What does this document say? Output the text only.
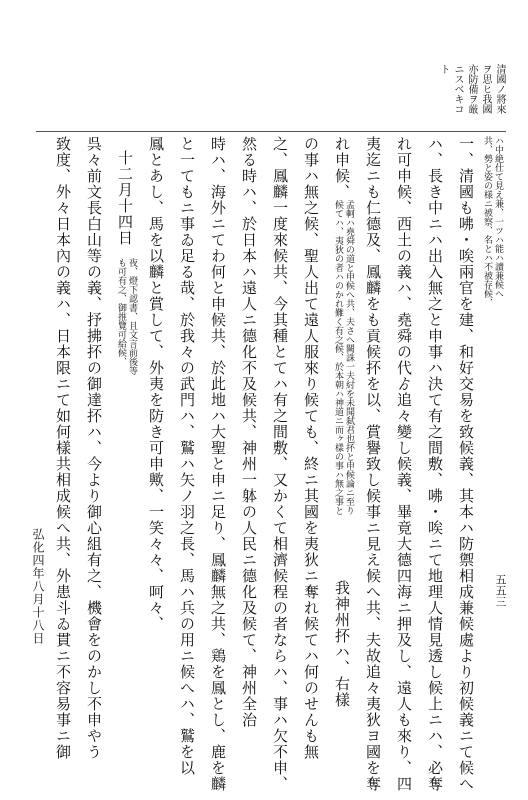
清國ノ將來
ヲ思ヒ我國
亦防備ヲ厳
ニスベキコ
ト
ハ中絶仕て見え兼、一ツハ能ハ讀兼候ヘ
共、勢と姿の様ニ被察、名とハ不被存候、
一、清國も咈・唉兩官を建、和好交易を致候義、其本ハ防禦相成兼候處より初候義ニて候へ
ハ、長き中ニハ出入無之と申事ハ決て有之間敷、咈・唉ニて地理人情見透し候上ニハ、必奪
れ可申候、西土の義ハ、堯舜の代ゟ追々變し候義、畢竟大德四海ニ押及し、遠人も來り、四
夷迄ニも仁德及、鳳麟をも貢候抔を以、賞譽致し候事ニ見え候へ共、夫故追々夷狄ヨ國を奪
れ申候、
孟軻ハ堯舜の道と申候へ共、夫さへ闕誅一夫紂を未聞弑君也抔と申候論ニ至り
候てハ、夷狄の者ハのかれ難く有之候、於本朝ハ神道ニ而ヶ樣の事ハ無之事と
我神州抔ハ、右樣
の事ハ無之候、聖人出て遠人服來り候ても、終ニ其國を夷狄ニ奪れ候てハ何のせんも無
之、鳳麟一度來候共、今其種とてハ有之間敷、又かくて相濟候程の者ならハ、事ハ欠不申、
然る時ハ、於日本ハ遠人ニ德化不及候共、神州一躰の人民ニ德化及候て、神州全治
時ハ、海外ニてわ何と申候共、於此地ハ大聖と申ニ足り、鳳麟無之共、鶏を鳳とし、鹿を麟
と一てもニ事ゐ足る哉、於我々の武門ハ、鷲ハ矢ノ羽之長、馬ハ兵の用ニ候へハ、鷲を以
鳳とあし、馬を以麟と賞して、外夷を防き可申歟、一笑々々、呵々、
十二月十四日
夜、燈下認書、且文言前後等
も可有之、御推覽可給候、
呉々前文長白山等の義、抒拂抔の御達抔ハ、今より御心組有之、機會をのかし不申やう
致度、外々日本內の義ハ、日本限ニて如何樣共相成候へ共、外患斗ゐ貫ニ不容易事ニ御	五五三
弘化四年八月十八日
